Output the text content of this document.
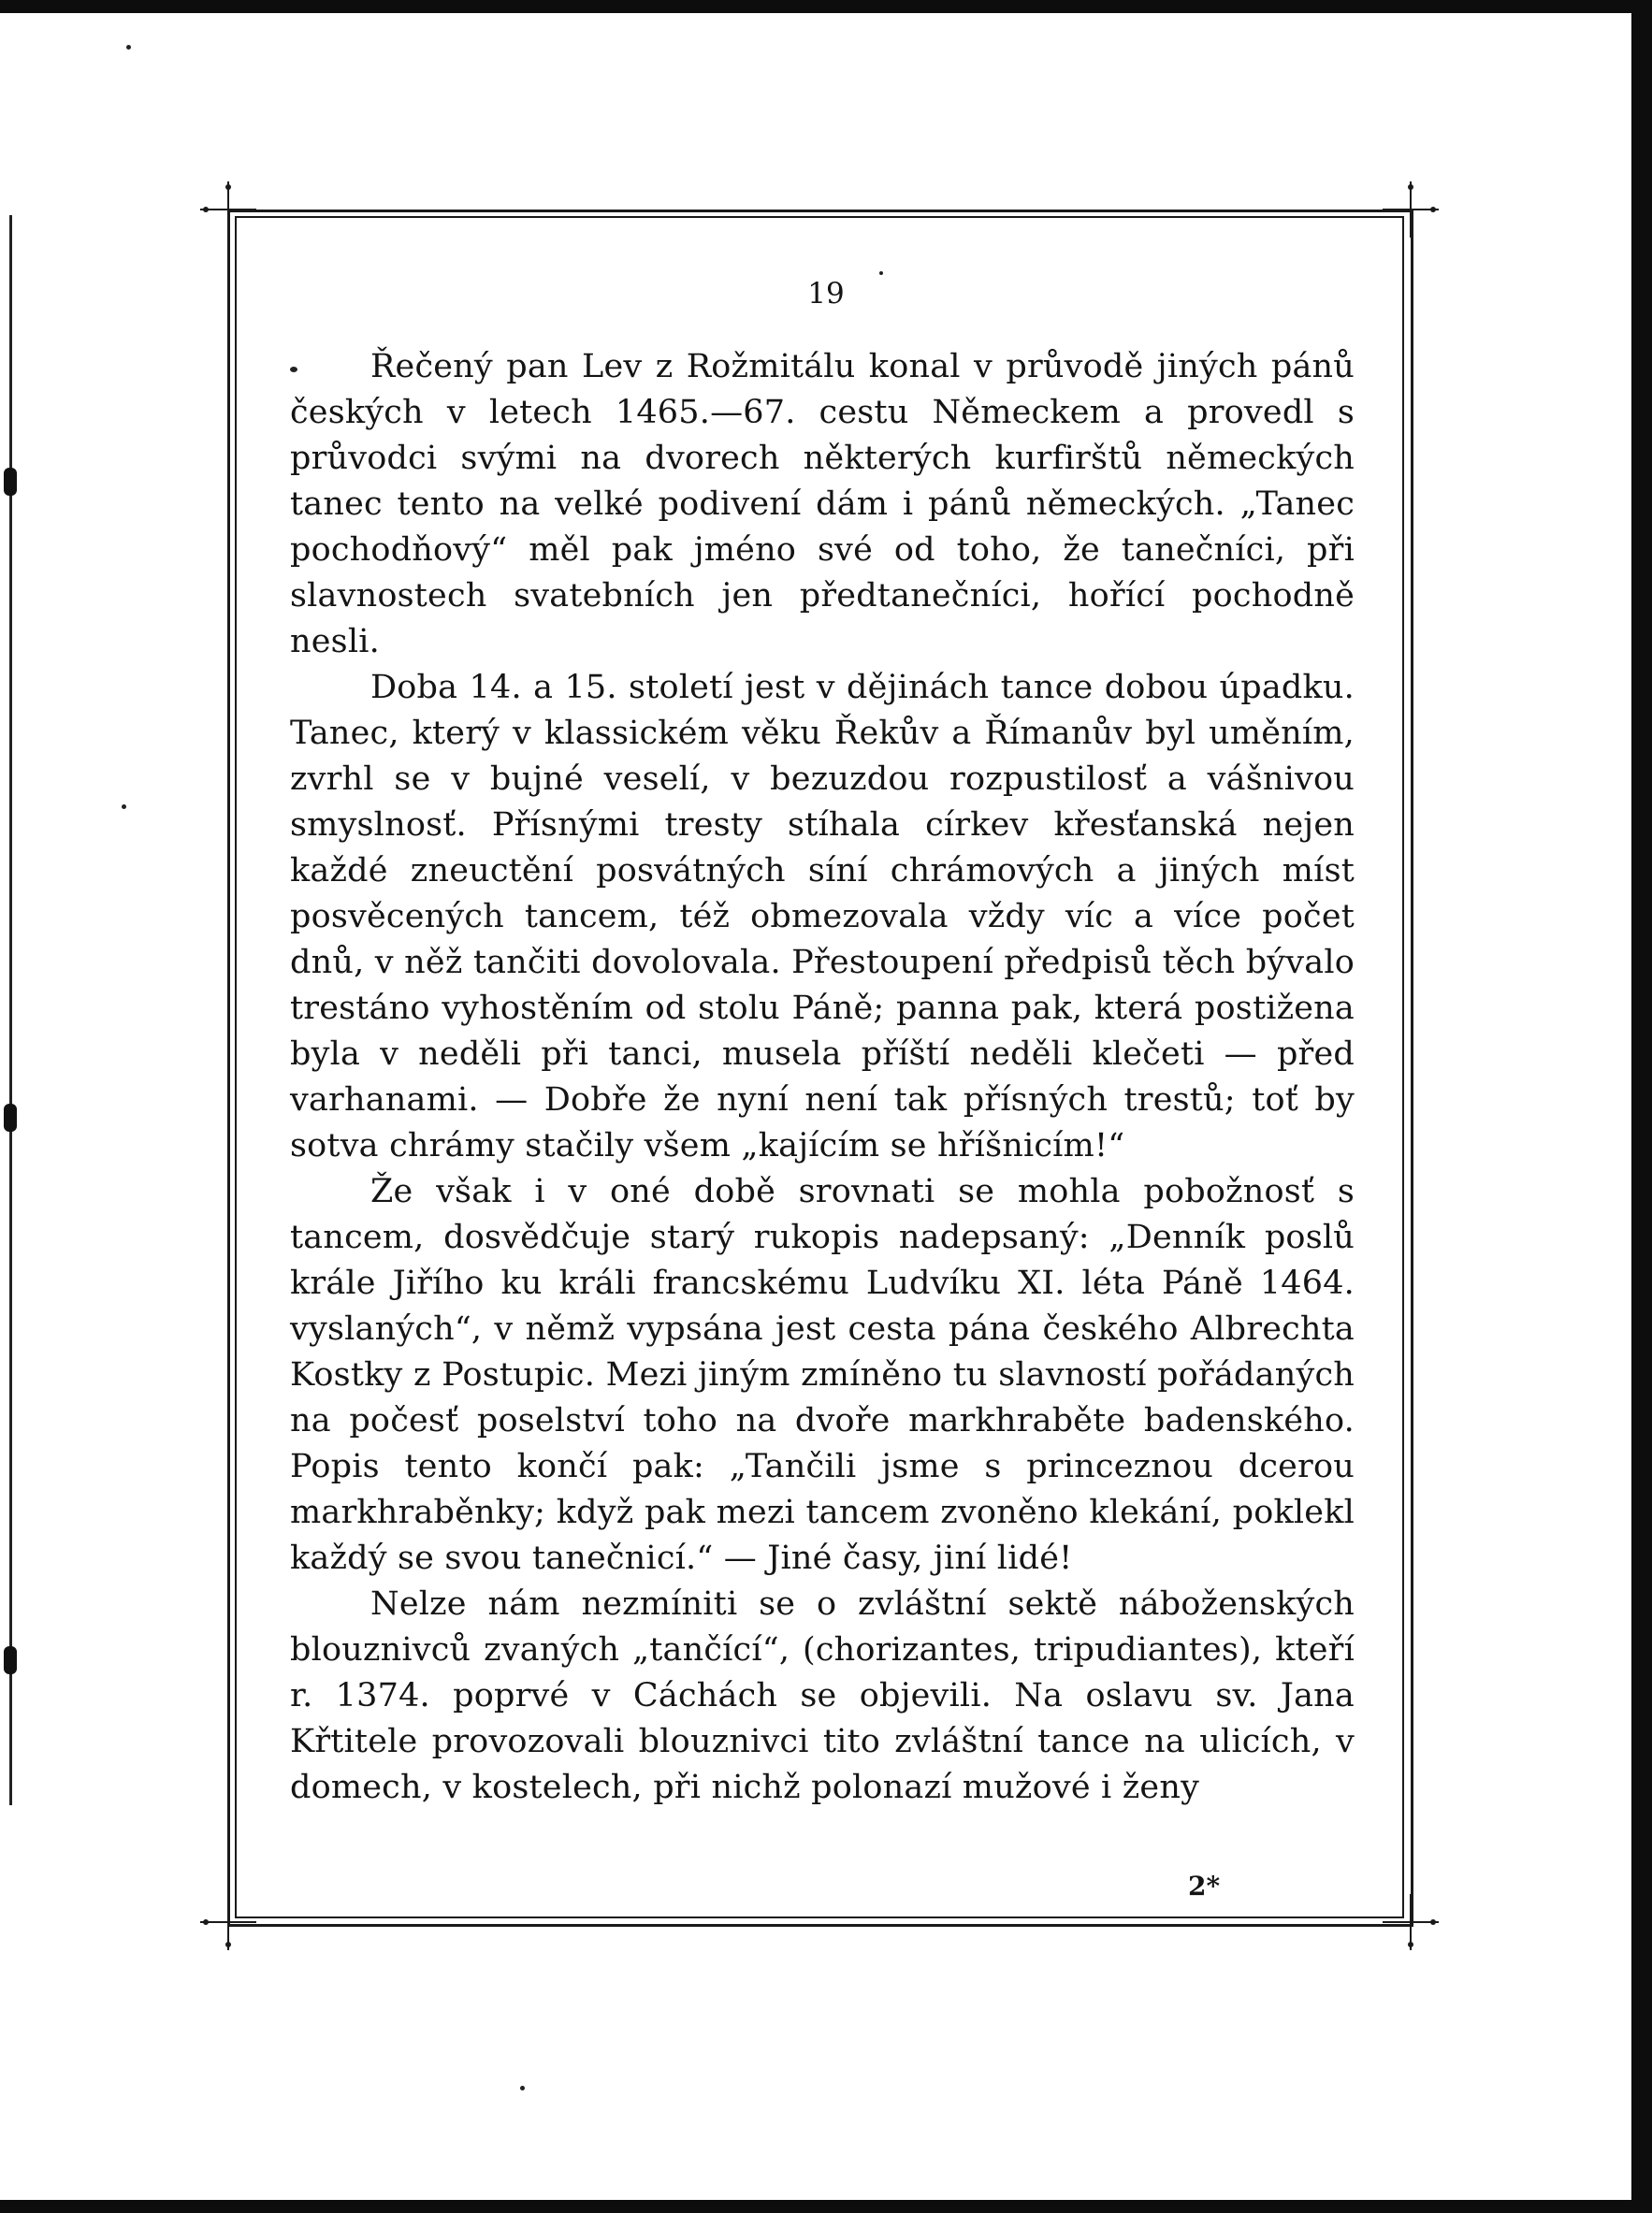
19

Řečený pan Lev z Rožmitálu konal v průvodě jiných pánů českých v letech 1465.—67. cestu Německem a provedl s průvodci svými na dvorech některých kurfirštů německých tanec tento na velké podivení dám i pánů německých. „Tanec pochodňový“ měl pak jméno své od toho, že tanečníci, při slavnostech svatebních jen předtanečníci, hořící pochodně nesli.

Doba 14. a 15. století jest v dějinách tance dobou úpadku. Tanec, který v klassickém věku Řekův a Římanův byl uměním, zvrhl se v bujné veselí, v bezuzdou rozpustilosť a vášnivou smyslnosť. Přísnými tresty stíhala církev křesťanská nejen každé zneuctění posvátných síní chrámových a jiných míst posvěcených tancem, též obmezovala vždy víc a více počet dnů, v něž tančiti dovolovala. Přestoupení předpisů těch bývalo trestáno vyhostěním od stolu Páně; panna pak, která postižena byla v neděli při tanci, musela příští neděli klečeti — před varhanami. — Dobře že nyní není tak přísných trestů; toť by sotva chrámy stačily všem „kajícím se hříšnicím!“

Že však i v oné době srovnati se mohla pobožnosť s tancem, dosvědčuje starý rukopis nadepsaný: „Denník poslů krále Jiřího ku králi francskému Ludvíku XI. léta Páně 1464. vyslaných“, v němž vypsána jest cesta pána českého Albrechta Kostky z Postupic. Mezi jiným zmíněno tu slavností pořádaných na počesť poselství toho na dvoře markhraběte badenského. Popis tento končí pak: „Tančili jsme s princeznou dcerou markhraběnky; když pak mezi tancem zvoněno klekání, poklekl každý se svou tanečnicí.“ — Jiné časy, jiní lidé!

Nelze nám nezmíniti se o zvláštní sektě náboženských blouznivců zvaných „tančící“, (chorizantes, tripudiantes), kteří r. 1374. poprvé v Cáchách se objevili. Na oslavu sv. Jana Křtitele provozovali blouznivci tito zvláštní tance na ulicích, v domech, v kostelech, při nichž polonazí mužové i ženy

2*
